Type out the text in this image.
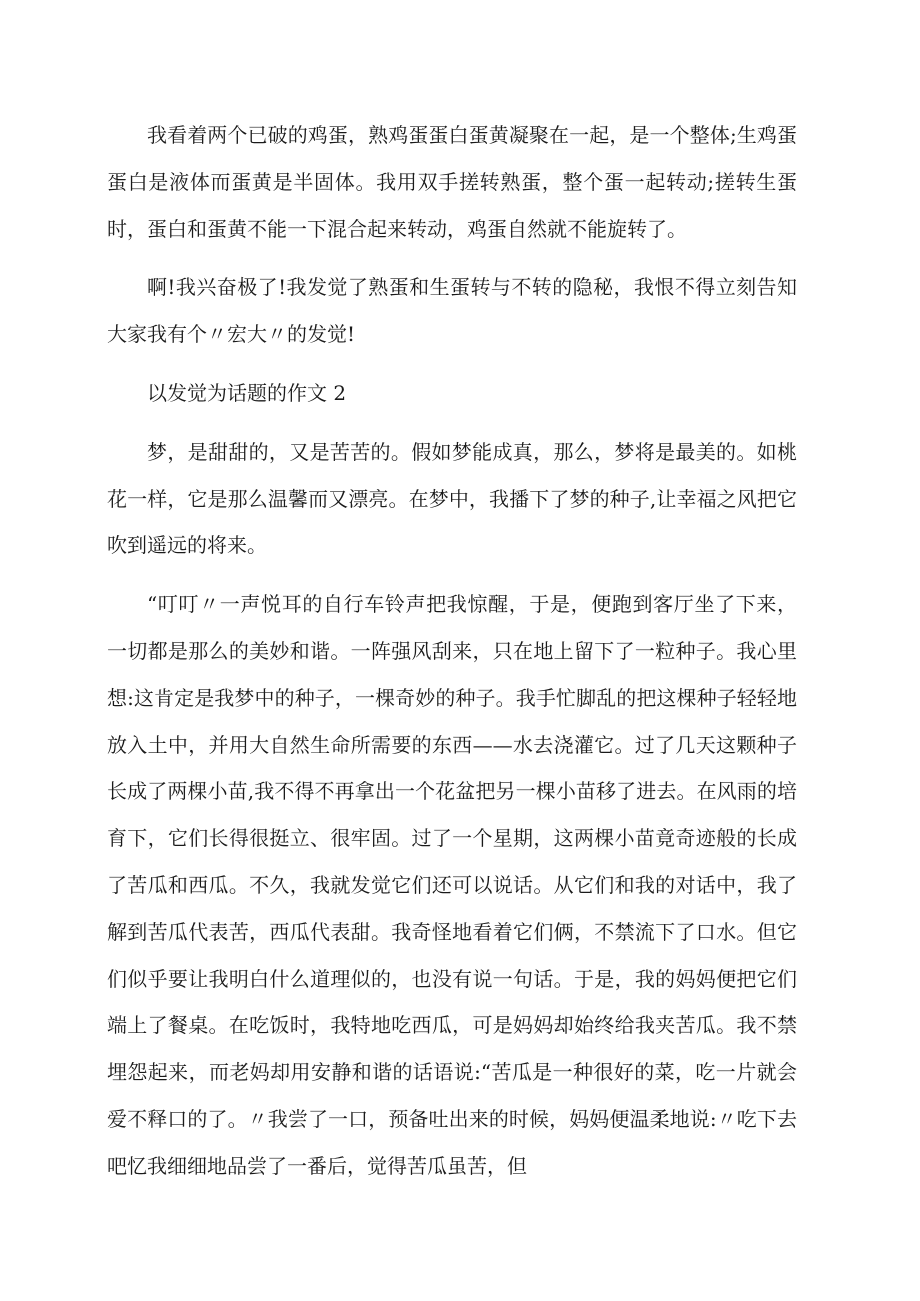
我看着两个已破的鸡蛋，熟鸡蛋蛋白蛋黄凝聚在一起，是一个整体;生鸡蛋蛋白是液体而蛋黄是半固体。我用双手搓转熟蛋，整个蛋一起转动;搓转生蛋时，蛋白和蛋黄不能一下混合起来转动，鸡蛋自然就不能旋转了。

啊!我兴奋极了!我发觉了熟蛋和生蛋转与不转的隐秘，我恨不得立刻告知大家我有个〃宏大〃的发觉!

以发觉为话题的作文 2

梦，是甜甜的，又是苦苦的。假如梦能成真，那么，梦将是最美的。如桃花一样，它是那么温馨而又漂亮。在梦中，我播下了梦的种子,让幸福之风把它吹到遥远的将来。

“叮叮〃一声悦耳的自行车铃声把我惊醒，于是，便跑到客厅坐了下来，一切都是那么的美妙和谐。一阵强风刮来，只在地上留下了一粒种子。我心里想:这肯定是我梦中的种子，一棵奇妙的种子。我手忙脚乱的把这棵种子轻轻地放入土中，并用大自然生命所需要的东西——水去浇灌它。过了几天这颗种子长成了两棵小苗,我不得不再拿出一个花盆把另一棵小苗移了进去。在风雨的培育下，它们长得很挺立、很牢固。过了一个星期，这两棵小苗竟奇迹般的长成了苦瓜和西瓜。不久，我就发觉它们还可以说话。从它们和我的对话中，我了解到苦瓜代表苦，西瓜代表甜。我奇怪地看着它们俩，不禁流下了口水。但它们似乎要让我明白什么道理似的，也没有说一句话。于是，我的妈妈便把它们端上了餐桌。在吃饭时，我特地吃西瓜，可是妈妈却始终给我夹苦瓜。我不禁埋怨起来，而老妈却用安静和谐的话语说:“苦瓜是一种很好的菜，吃一片就会爱不释口的了。〃我尝了一口，预备吐出来的时候，妈妈便温柔地说:〃吃下去吧忆我细细地品尝了一番后，觉得苦瓜虽苦，但
